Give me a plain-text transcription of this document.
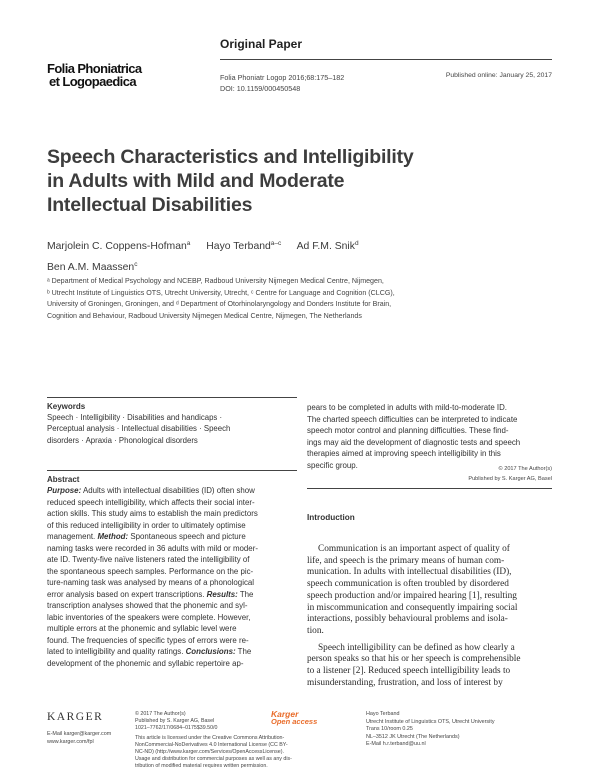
Original Paper
Folia Phoniatrica
et Logopaedica	Folia Phoniatr Logop 2016;68:175–182
DOI: 10.1159/000450548
Published online: January 25, 2017
Speech Characteristics and Intelligibility
in Adults with Mild and Moderate
Intellectual Disabilities
Marjolein C. Coppens-Hofman$^a$ Hayo Terband$^{a-c}$ Ad F.M. Snik$^d$
Ben A.M. Maassen$^c$
ᵃ Department of Medical Psychology and NCEBP, Radboud University Nijmegen Medical Centre, Nijmegen,
ᵇ Utrecht Institute of Linguistics OTS, Utrecht University, Utrecht, ᶜ Centre for Language and Cognition (CLCG),
University of Groningen, Groningen, and ᵈ Department of Otorhinolaryngology and Donders Institute for Brain,
Cognition and Behaviour, Radboud University Nijmegen Medical Centre, Nijmegen, The Netherlands
Keywords
Speech · Intelligibility · Disabilities and handicaps ·
Perceptual analysis · Intellectual disabilities · Speech
disorders · Apraxia · Phonological disorders
Abstract
Purpose: Adults with intellectual disabilities (ID) often show
reduced speech intelligibility, which affects their social inter-
action skills. This study aims to establish the main predictors
of this reduced intelligibility in order to ultimately optimise
management. Method: Spontaneous speech and picture
naming tasks were recorded in 36 adults with mild or moder-
ate ID. Twenty-five naïve listeners rated the intelligibility of
the spontaneous speech samples. Performance on the pic-
ture-naming task was analysed by means of a phonological
error analysis based on expert transcriptions. Results: The
transcription analyses showed that the phonemic and syl-
labic inventories of the speakers were complete. However,
multiple errors at the phonemic and syllabic level were
found. The frequencies of specific types of errors were re-
lated to intelligibility and quality ratings. Conclusions: The
development of the phonemic and syllabic repertoire ap-
pears to be completed in adults with mild-to-moderate ID.
The charted speech difficulties can be interpreted to indicate
speech motor control and planning difficulties. These find-
ings may aid the development of diagnostic tests and speech
therapies aimed at improving speech intelligibility in this
specific group.	© 2017 The Author(s)
Published by S. Karger AG, Basel
Introduction
Communication is an important aspect of quality of
life, and speech is the primary means of human com-
munication. In adults with intellectual disabilities (ID),
speech communication is often troubled by disordered
speech production and/or impaired hearing [1], resulting
in miscommunication and consequently impairing social
interactions, possibly behavioural problems and isola-
tion.
Speech intelligibility can be defined as how clearly a
person speaks so that his or her speech is comprehensible
to a listener [2]. Reduced speech intelligibility leads to
misunderstanding, frustration, and loss of interest by
KARGER
E-Mail karger@karger.com
www.karger.com/fpl
© 2017 The Author(s)
Published by S. Karger AG, Basel
1021–7762/17/0684–0175$39.50/0
This article is licensed under the Creative Commons Attribution-
NonCommercial-NoDerivatives 4.0 International License (CC BY-
NC-ND) (http://www.karger.com/Services/OpenAccessLicense).
Usage and distribution for commercial purposes as well as any dis-
tribution of modified material requires written permission.
Karger
Open access
Hayo Terband
Utrecht Institute of Linguistics OTS, Utrecht University
Trans 10/room 0.25
NL–3512 JK Utrecht (The Netherlands)
E-Mail h.r.terband@uu.nl
